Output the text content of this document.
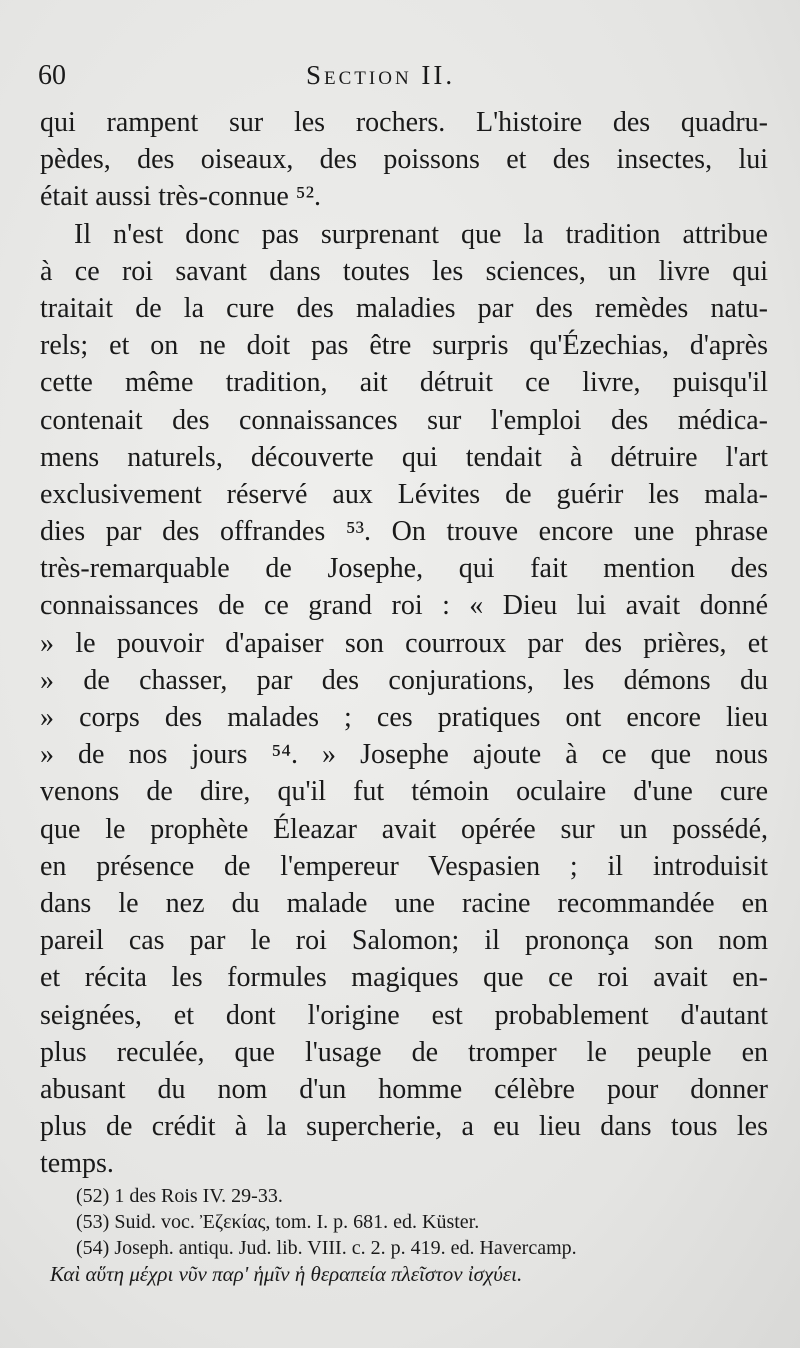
60	Section II.
qui rampent sur les rochers. L'histoire des quadru-
pèdes, des oiseaux, des poissons et des insectes, lui
était aussi très-connue ⁵².
Il n'est donc pas surprenant que la tradition attribue
à ce roi savant dans toutes les sciences, un livre qui
traitait de la cure des maladies par des remèdes natu-
rels; et on ne doit pas être surpris qu'Ézechias, d'après
cette même tradition, ait détruit ce livre, puisqu'il
contenait des connaissances sur l'emploi des médica-
mens naturels, découverte qui tendait à détruire l'art
exclusivement réservé aux Lévites de guérir les mala-
dies par des offrandes ⁵³. On trouve encore une phrase
très-remarquable de Josephe, qui fait mention des
connaissances de ce grand roi : « Dieu lui avait donné
» le pouvoir d'apaiser son courroux par des prières, et
» de chasser, par des conjurations, les démons du
» corps des malades ; ces pratiques ont encore lieu
» de nos jours ⁵⁴. » Josephe ajoute à ce que nous
venons de dire, qu'il fut témoin oculaire d'une cure
que le prophète Éleazar avait opérée sur un possédé,
en présence de l'empereur Vespasien ; il introduisit
dans le nez du malade une racine recommandée en
pareil cas par le roi Salomon; il prononça son nom
et récita les formules magiques que ce roi avait en-
seignées, et dont l'origine est probablement d'autant
plus reculée, que l'usage de tromper le peuple en
abusant du nom d'un homme célèbre pour donner
plus de crédit à la supercherie, a eu lieu dans tous les
temps.
(52) 1 des Rois IV. 29-33.
(53) Suid. voc. Ἐζεκίας, tom. I. p. 681. ed. Küster.
(54) Joseph. antiqu. Jud. lib. VIII. c. 2. p. 419. ed. Havercamp.
Καὶ αὕτη μέχρι νῦν παρ' ἡμῖν ἡ θεραπεία πλεῖστον ἰσχύει.
